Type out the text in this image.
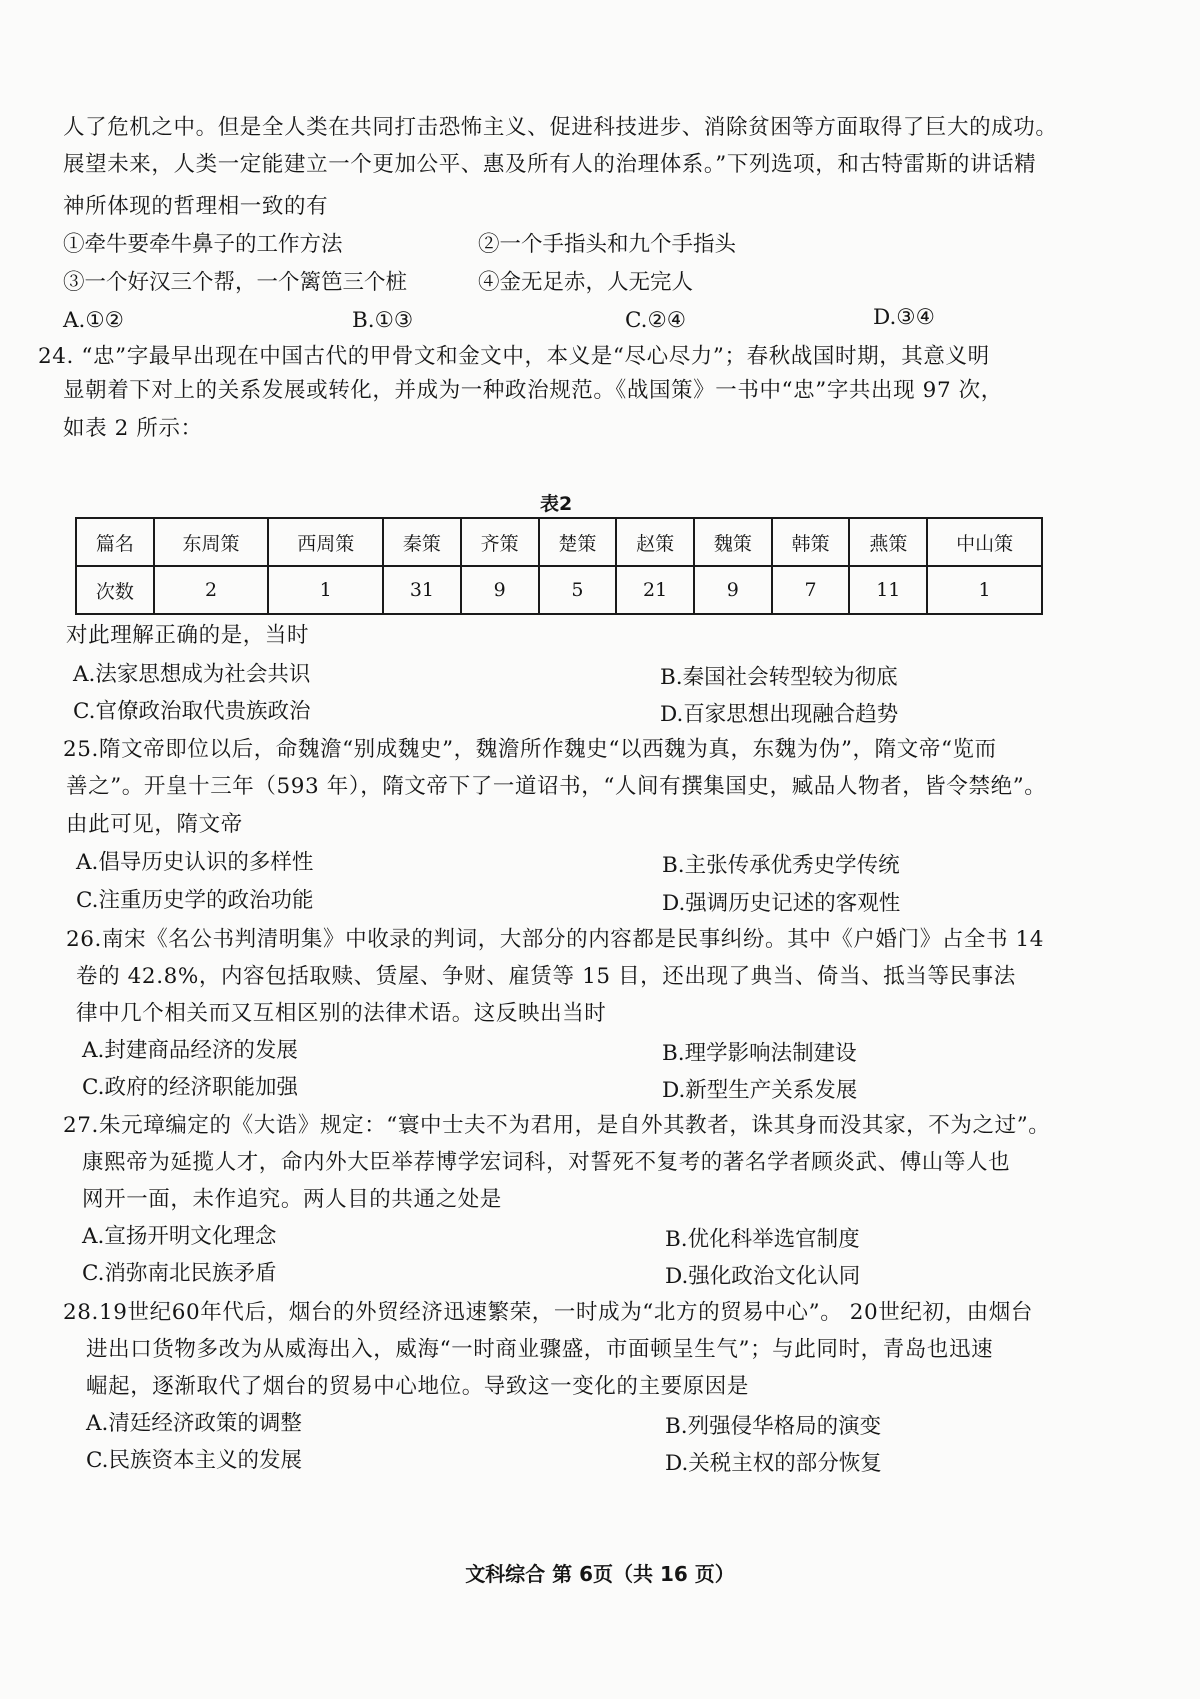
人了危机之中。但是全人类在共同打击恐怖主义、促进科技进步、消除贫困等方面取得了巨大的成功。
展望未来，人类一定能建立一个更加公平、惠及所有人的治理体系。”下列选项，和古特雷斯的讲话精
神所体现的哲理相一致的有
①牵牛要牵牛鼻子的工作方法	②一个手指头和九个手指头
③一个好汉三个帮，一个篱笆三个桩	④金无足赤，人无完人
A.①②	B.①③	C.②④	D.③④
24. “忠”字最早出现在中国古代的甲骨文和金文中，本义是“尽心尽力”；春秋战国时期，其意义明
显朝着下对上的关系发展或转化，并成为一种政治规范。《战国策》一书中“忠”字共出现 97 次，
如表 2 所示：
表2
篇名	东周策	西周策	秦策	齐策	楚策	赵策	魏策	韩策	燕策	中山策
次数	2	1	31	9	5	21	9	7	11	1
对此理解正确的是，当时
A.法家思想成为社会共识	B.秦国社会转型较为彻底
C.官僚政治取代贵族政治	D.百家思想出现融合趋势
25.隋文帝即位以后，命魏澹“别成魏史”，魏澹所作魏史“以西魏为真，东魏为伪”，隋文帝“览而
善之”。开皇十三年（593 年），隋文帝下了一道诏书，“人间有撰集国史，臧品人物者，皆令禁绝”。
由此可见，隋文帝
A.倡导历史认识的多样性	B.主张传承优秀史学传统
C.注重历史学的政治功能	D.强调历史记述的客观性
26.南宋《名公书判清明集》中收录的判词，大部分的内容都是民事纠纷。其中《户婚门》占全书 14
卷的 42.8%，内容包括取赎、赁屋、争财、雇赁等 15 目，还出现了典当、倚当、抵当等民事法
律中几个相关而又互相区别的法律术语。这反映出当时
A.封建商品经济的发展	B.理学影响法制建设
C.政府的经济职能加强	D.新型生产关系发展
27.朱元璋编定的《大诰》规定：“寰中士夫不为君用，是自外其教者，诛其身而没其家，不为之过”。
康熙帝为延揽人才，命内外大臣举荐博学宏词科，对誓死不复考的著名学者顾炎武、傅山等人也
网开一面，未作追究。两人目的共通之处是
A.宣扬开明文化理念	B.优化科举选官制度
C.消弥南北民族矛盾	D.强化政治文化认同
28.19世纪60年代后，烟台的外贸经济迅速繁荣，一时成为“北方的贸易中心”。 20世纪初，由烟台
进出口货物多改为从威海出入，威海“一时商业骤盛，市面顿呈生气”；与此同时，青岛也迅速
崛起，逐渐取代了烟台的贸易中心地位。导致这一变化的主要原因是
A.清廷经济政策的调整	B.列强侵华格局的演变
C.民族资本主义的发展	D.关税主权的部分恢复
文科综合 第 6页（共 16 页）
